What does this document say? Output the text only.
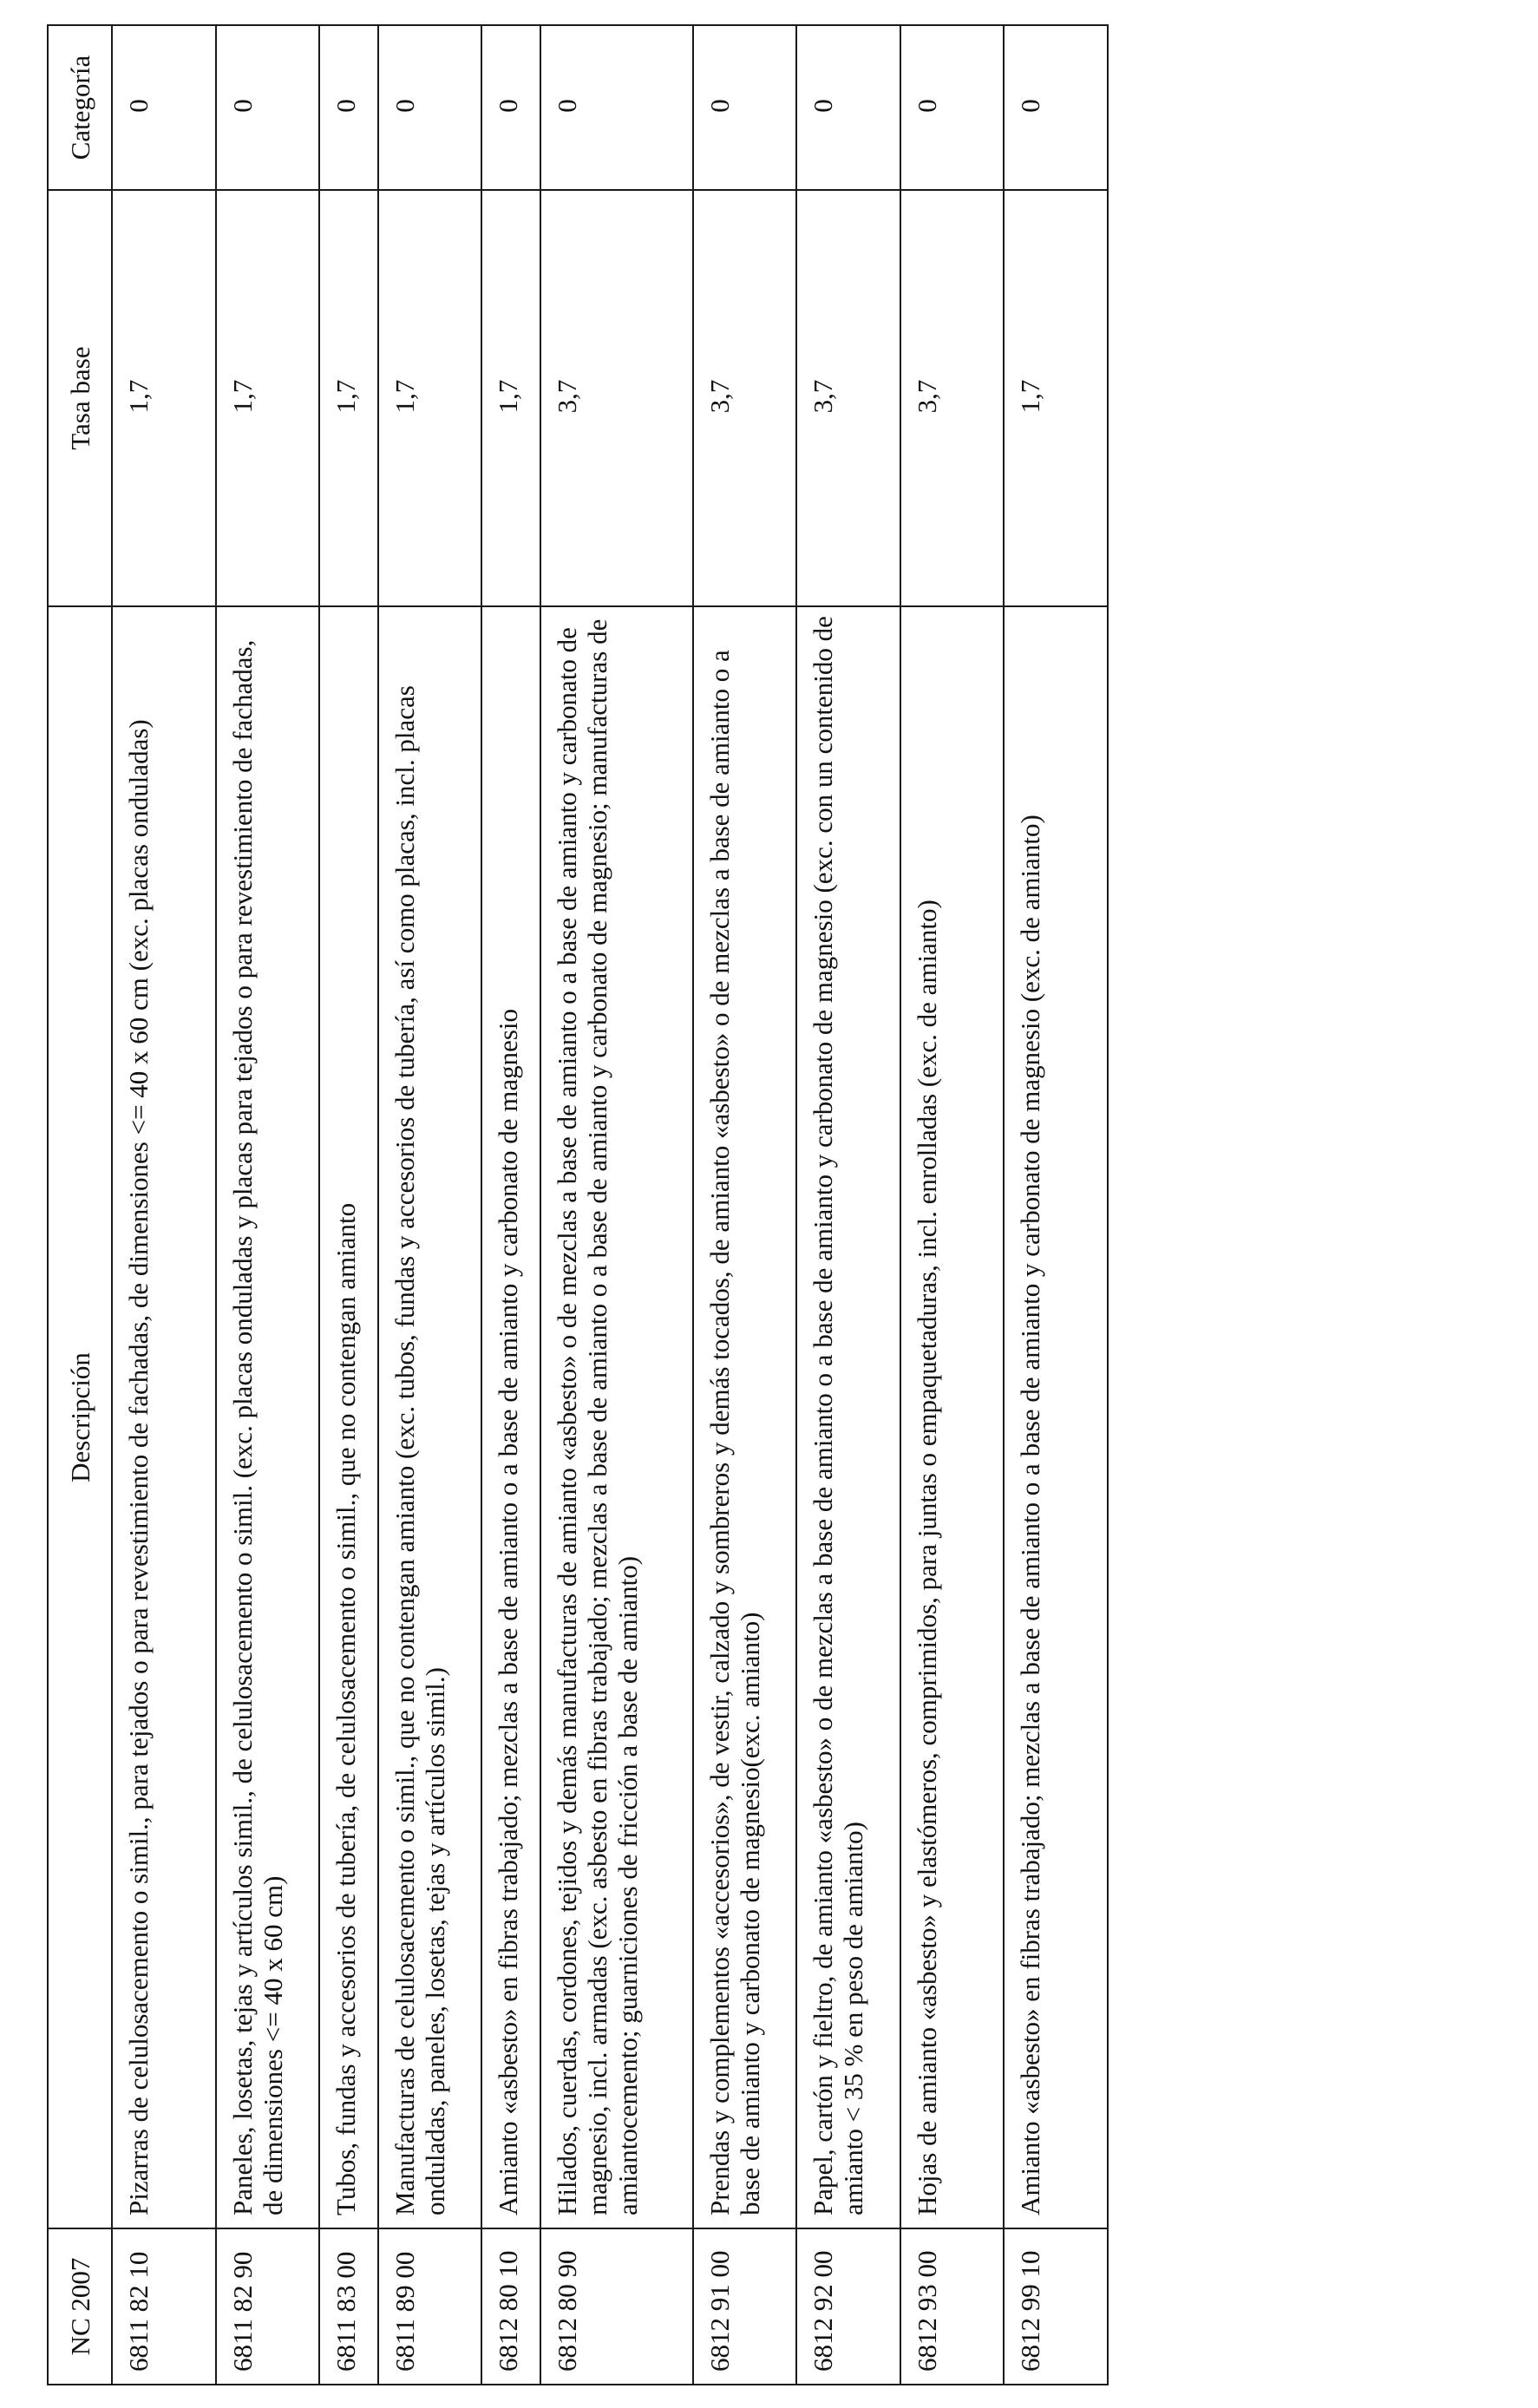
NC 2007	Descripción	Tasa base	Categoría
6811 82 10	Pizarras de celulosacemento o simil., para tejados o para revestimiento de fachadas, de dimensiones <= 40 x 60 cm (exc. placas onduladas)	1,7	0
6811 82 90	Paneles, losetas, tejas y artículos simil., de celulosacemento o simil. (exc. placas onduladas y placas para tejados o para revestimiento de fachadas, de dimensiones <= 40 x 60 cm)	1,7	0
6811 83 00	Tubos, fundas y accesorios de tubería, de celulosacemento o simil., que no contengan amianto	1,7	0
6811 89 00	Manufacturas de celulosacemento o simil., que no contengan amianto (exc. tubos, fundas y accesorios de tubería, así como placas, incl. placas onduladas, paneles, losetas, tejas y artículos simil.)	1,7	0
6812 80 10	Amianto «asbesto» en fibras trabajado; mezclas a base de amianto o a base de amianto y carbonato de magnesio	1,7	0
6812 80 90	Hilados, cuerdas, cordones, tejidos y demás manufacturas de amianto «asbesto» o de mezclas a base de amianto o a base de amianto y carbonato de magnesio, incl. armadas (exc. asbesto en fibras trabajado; mezclas a base de amianto o a base de amianto y carbonato de magnesio; manufacturas de amiantocemento; guarniciones de fricción a base de amianto)	3,7	0
6812 91 00	Prendas y complementos «accesorios», de vestir, calzado y sombreros y demás tocados, de amianto «asbesto» o de mezclas a base de amianto o a base de amianto y carbonato de magnesio(exc. amianto)	3,7	0
6812 92 00	Papel, cartón y fieltro, de amianto «asbesto» o de mezclas a base de amianto o a base de amianto y carbonato de magnesio (exc. con un contenido de amianto < 35 % en peso de amianto)	3,7	0
6812 93 00	Hojas de amianto «asbesto» y elastómeros, comprimidos, para juntas o empaquetaduras, incl. enrolladas (exc. de amianto)	3,7	0
6812 99 10	Amianto «asbesto» en fibras trabajado; mezclas a base de amianto o a base de amianto y carbonato de magnesio (exc. de amianto)	1,7	0
